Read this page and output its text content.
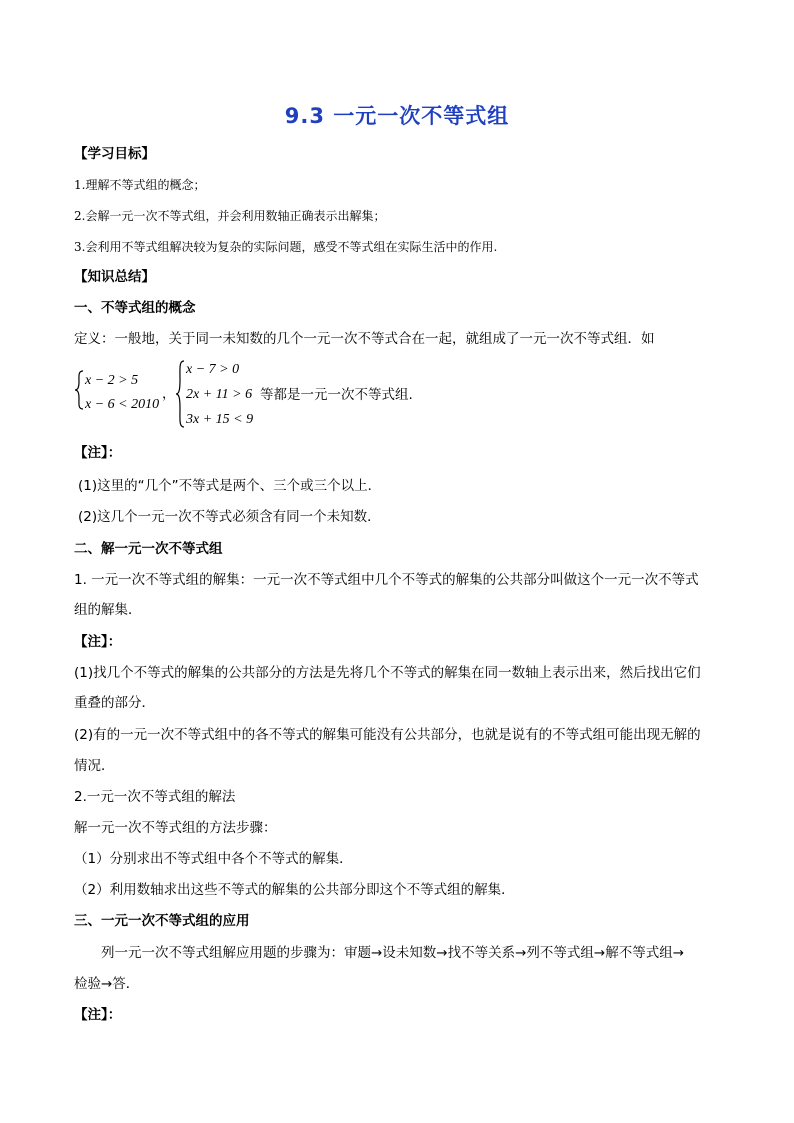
9.3 一元一次不等式组
【学习目标】
1.理解不等式组的概念；
2.会解一元一次不等式组，并会利用数轴正确表示出解集；
3.会利用不等式组解决较为复杂的实际问题，感受不等式组在实际生活中的作用.
【知识总结】
一、不等式组的概念
定义：一般地，关于同一未知数的几个一元一次不等式合在一起，就组成了一元一次不等式组．如
x − 2 > 5
x − 6 < 2010
，
x − 7 > 0
2x + 11 > 6
3x + 15 < 9
等都是一元一次不等式组.
【注】：
(1)这里的“几个”不等式是两个、三个或三个以上．
(2)这几个一元一次不等式必须含有同一个未知数．
二、解一元一次不等式组
1. 一元一次不等式组的解集：一元一次不等式组中几个不等式的解集的公共部分叫做这个一元一次不等式
组的解集．
【注】：
(1)找几个不等式的解集的公共部分的方法是先将几个不等式的解集在同一数轴上表示出来，然后找出它们
重叠的部分．
(2)有的一元一次不等式组中的各不等式的解集可能没有公共部分，也就是说有的不等式组可能出现无解的
情况．
2.一元一次不等式组的解法
解一元一次不等式组的方法步骤：
（1）分别求出不等式组中各个不等式的解集．
（2）利用数轴求出这些不等式的解集的公共部分即这个不等式组的解集．
三、一元一次不等式组的应用
列一元一次不等式组解应用题的步骤为：审题→设未知数→找不等关系→列不等式组→解不等式组→
检验→答．
【注】：
